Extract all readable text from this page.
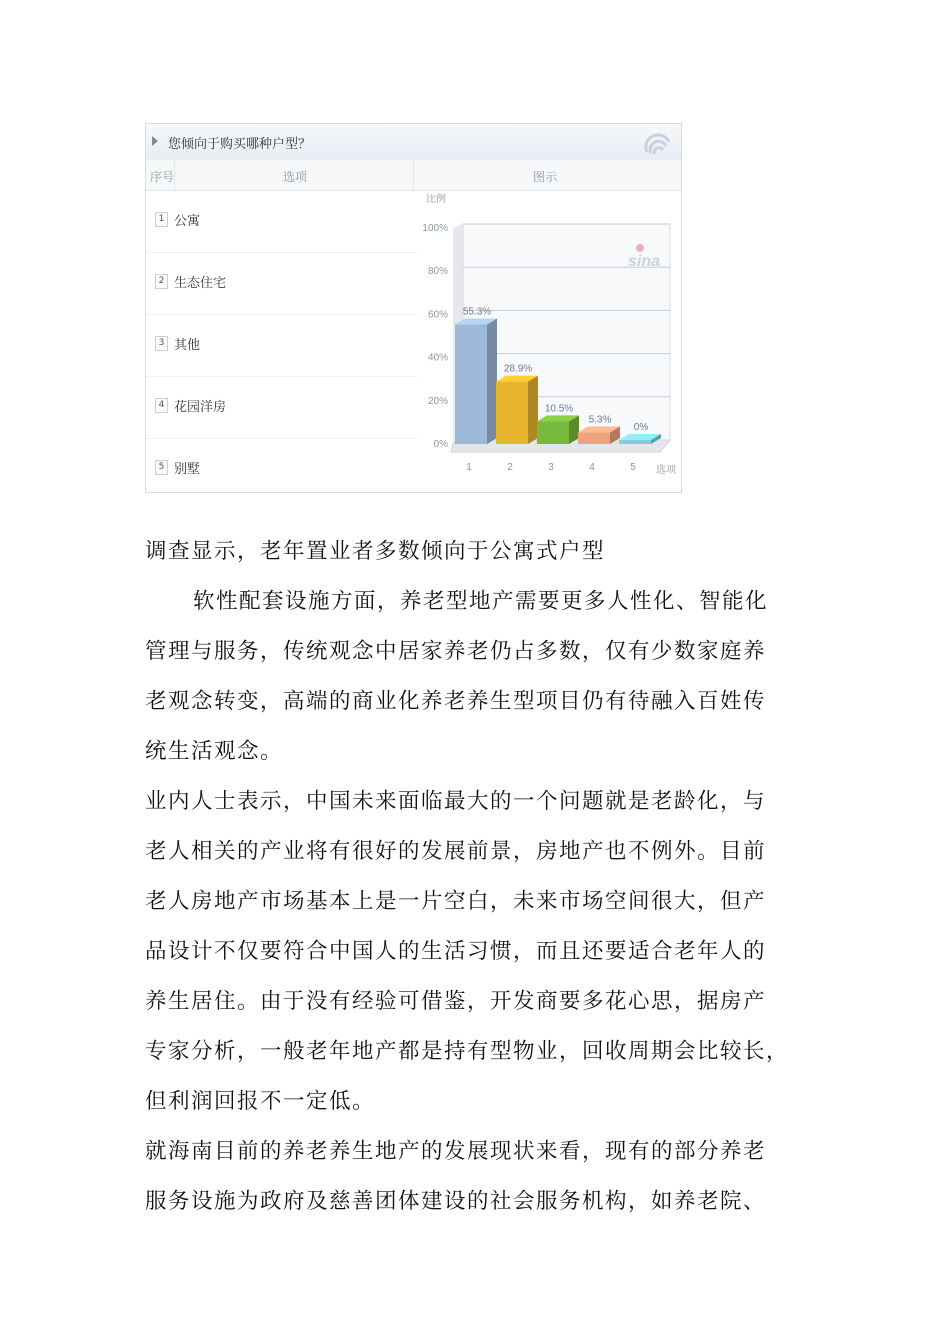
您倾向于购买哪种户型？
序号	选项	图示
1 公寓
2 生态住宅
3 其他
4 花园洋房
5 别墅
比例
0%
20%
40%
60%
80%
100%
sina
55.3%
1
28.9%
2
10.5%
3
5.3%
4
0%
5 选项
调查显示，老年置业者多数倾向于公寓式户型
软性配套设施方面，养老型地产需要更多人性化、智能化
管理与服务，传统观念中居家养老仍占多数，仅有少数家庭养
老观念转变，高端的商业化养老养生型项目仍有待融入百姓传
统生活观念。
业内人士表示，中国未来面临最大的一个问题就是老龄化，与
老人相关的产业将有很好的发展前景，房地产也不例外。目前
老人房地产市场基本上是一片空白，未来市场空间很大，但产
品设计不仅要符合中国人的生活习惯，而且还要适合老年人的
养生居住。由于没有经验可借鉴，开发商要多花心思，据房产
专家分析，一般老年地产都是持有型物业，回收周期会比较长，
但利润回报不一定低。
就海南目前的养老养生地产的发展现状来看，现有的部分养老
服务设施为政府及慈善团体建设的社会服务机构，如养老院、
